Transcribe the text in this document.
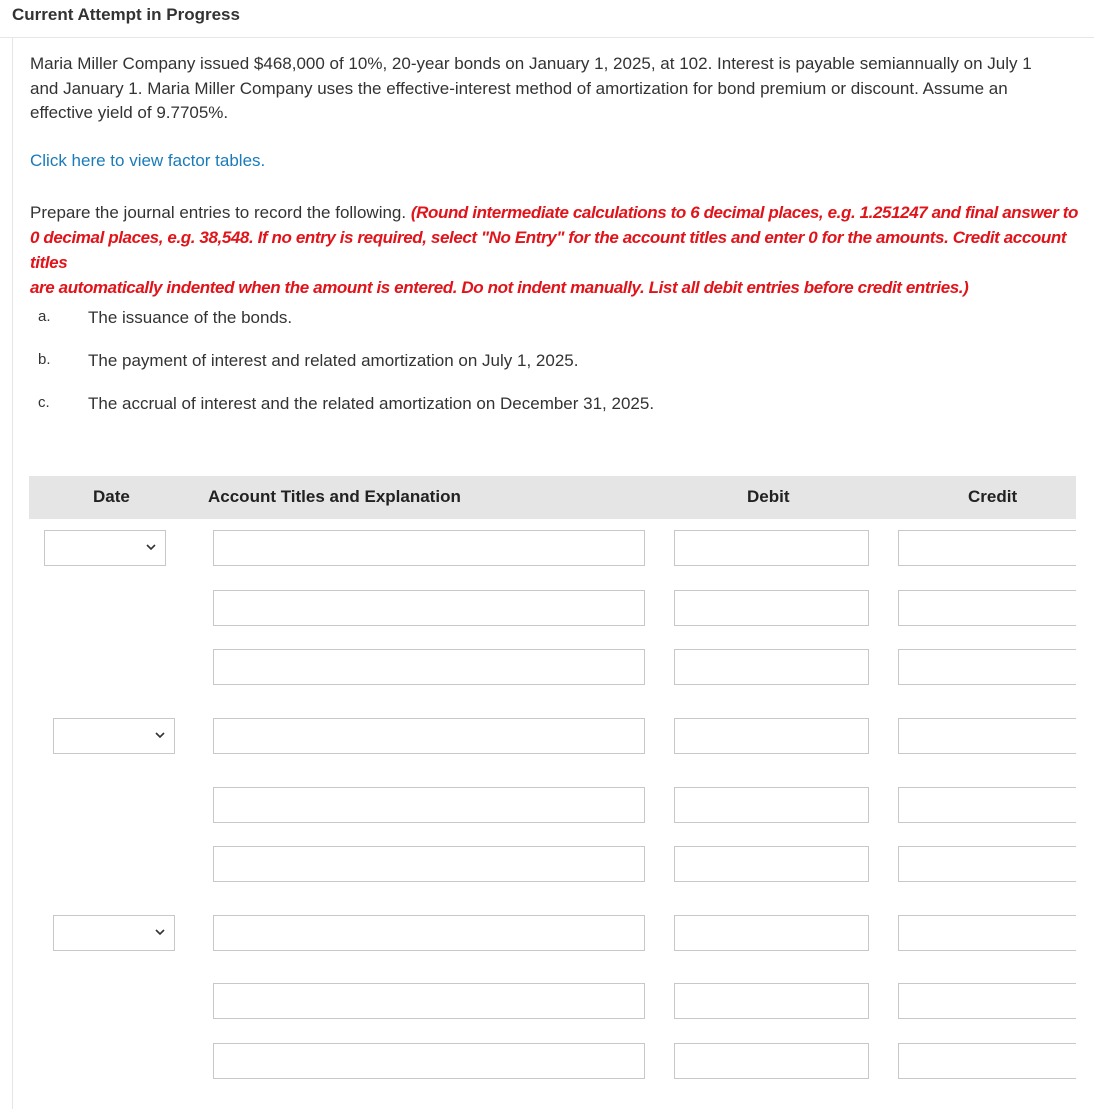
Current Attempt in Progress
Maria Miller Company issued $468,000 of 10%, 20-year bonds on January 1, 2025, at 102. Interest is payable semiannually on July 1
and January 1. Maria Miller Company uses the effective-interest method of amortization for bond premium or discount. Assume an
effective yield of 9.7705%.
Click here to view factor tables.
Prepare the journal entries to record the following. (Round intermediate calculations to 6 decimal places, e.g. 1.251247 and final answer to
0 decimal places, e.g. 38,548. If no entry is required, select "No Entry" for the account titles and enter 0 for the amounts. Credit account titles
are automatically indented when the amount is entered. Do not indent manually. List all debit entries before credit entries.)
a.	The issuance of the bonds.
b.	The payment of interest and related amortization on July 1, 2025.
c.	The accrual of interest and the related amortization on December 31, 2025.
Date	Account Titles and Explanation	Debit	Credit
